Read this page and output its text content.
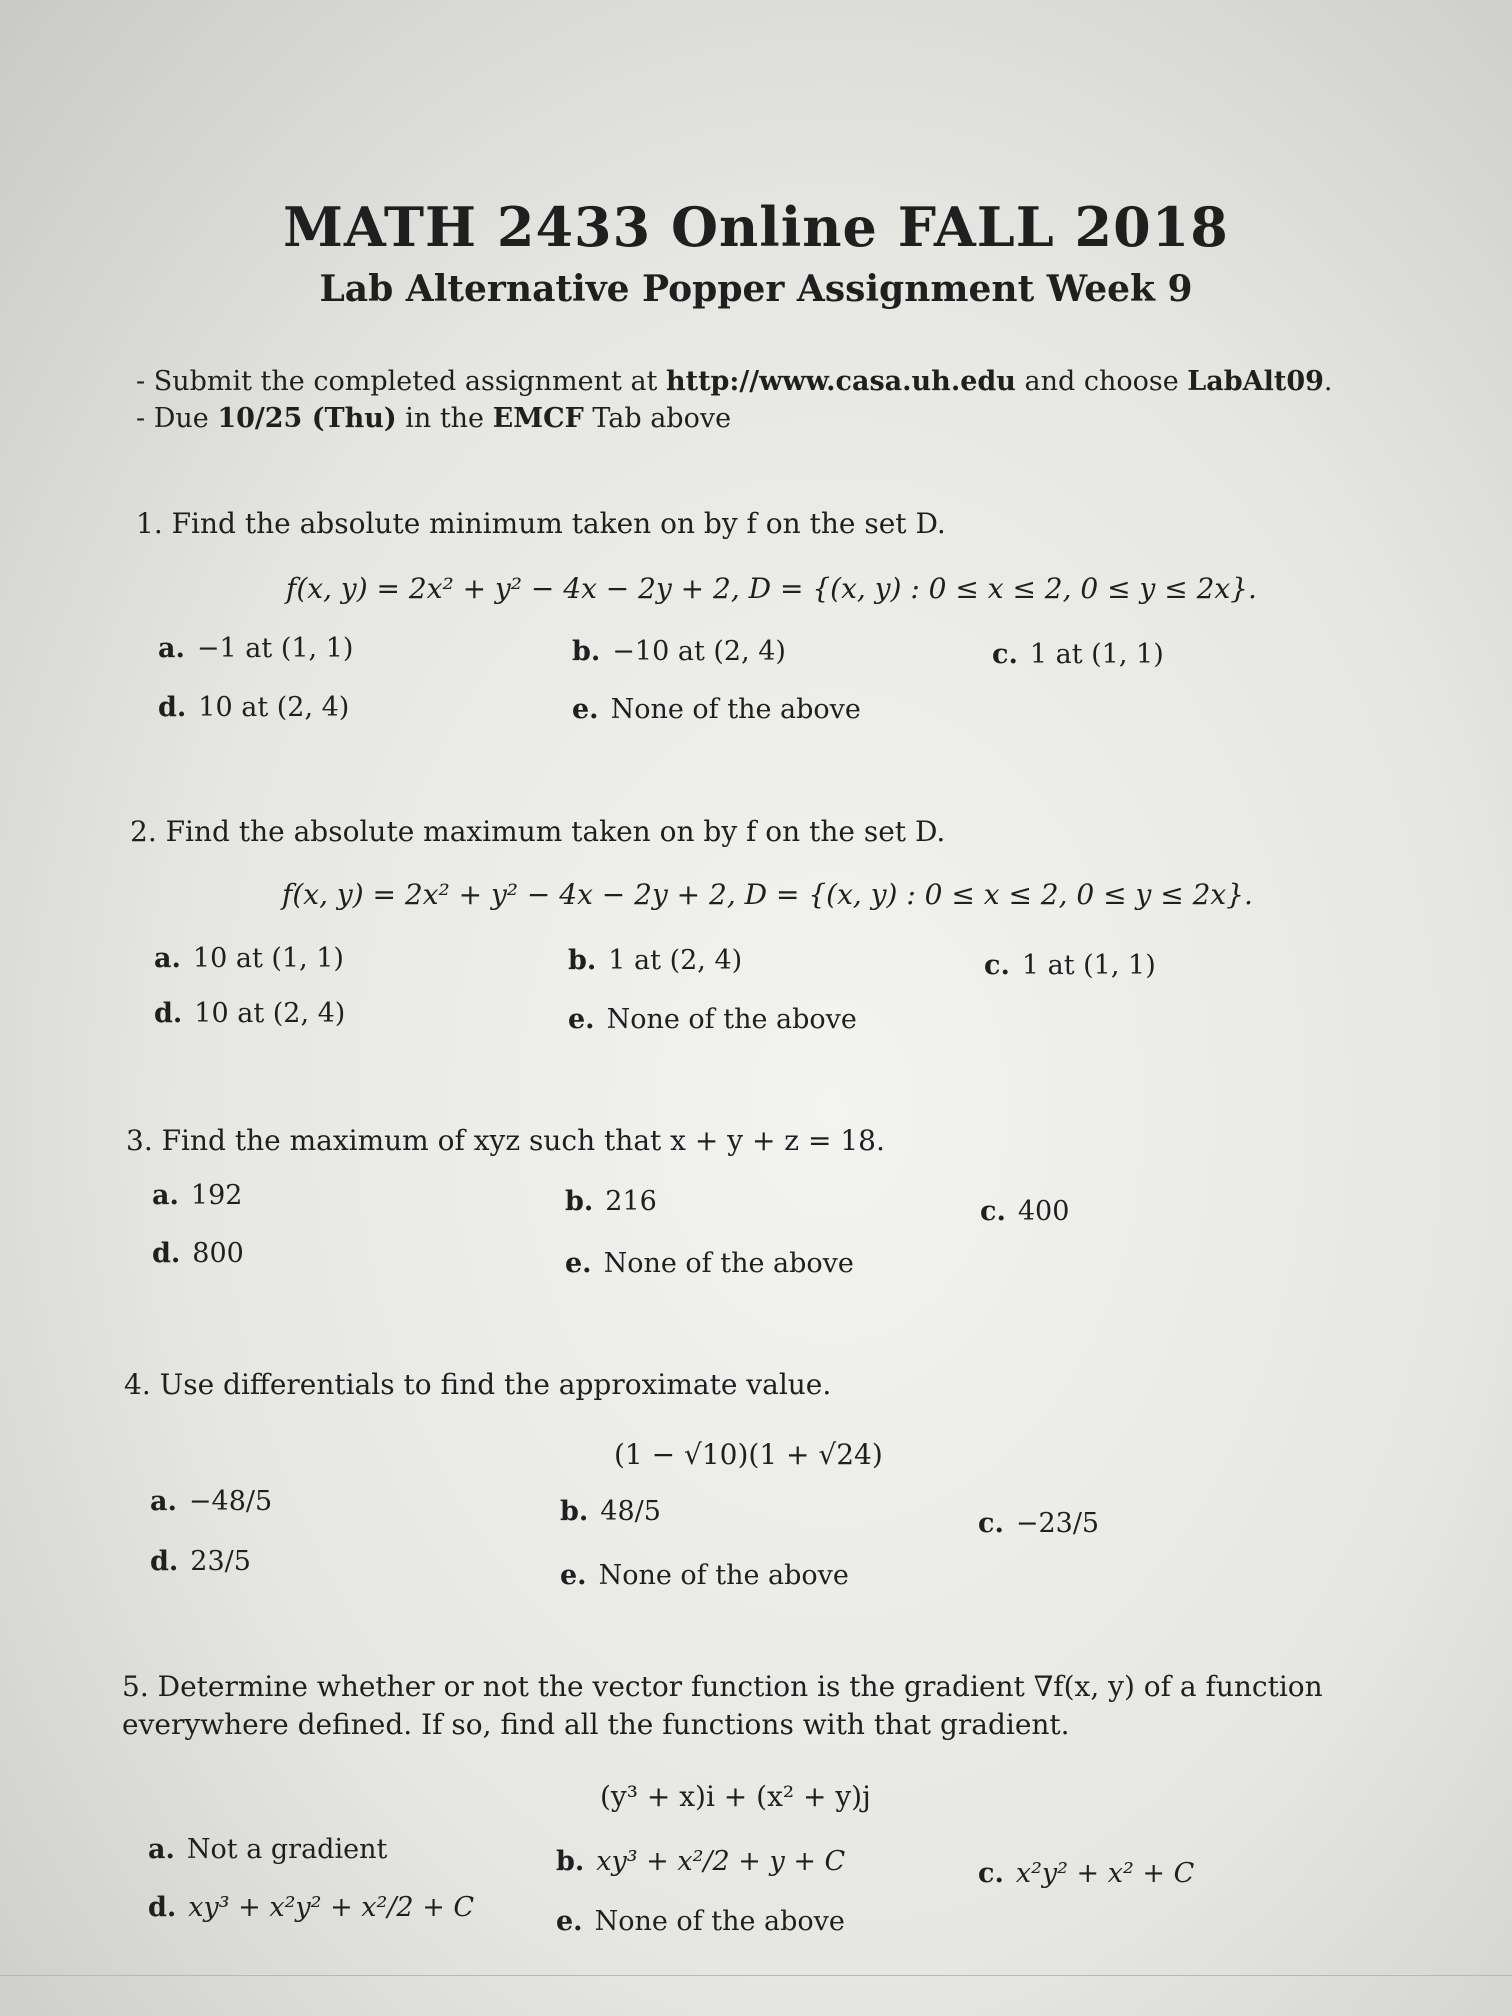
MATH 2433 Online FALL 2018
Lab Alternative Popper Assignment Week 9
- Submit the completed assignment at http://www.casa.uh.edu and choose LabAlt09.
- Due 10/25 (Thu) in the EMCF Tab above
1. Find the absolute minimum taken on by f on the set D.
f(x, y) = 2x² + y² − 4x − 2y + 2, D = {(x, y) : 0 ≤ x ≤ 2, 0 ≤ y ≤ 2x}.
a. −1 at (1, 1)	b. −10 at (2, 4)	c. 1 at (1, 1)
d. 10 at (2, 4)	e. None of the above
2. Find the absolute maximum taken on by f on the set D.
f(x, y) = 2x² + y² − 4x − 2y + 2, D = {(x, y) : 0 ≤ x ≤ 2, 0 ≤ y ≤ 2x}.
a. 10 at (1, 1)	b. 1 at (2, 4)	c. 1 at (1, 1)
d. 10 at (2, 4)	e. None of the above
3. Find the maximum of xyz such that x + y + z = 18.
a. 192	b. 216	c. 400
d. 800	e. None of the above
4. Use differentials to find the approximate value.
(1 − √10)(1 + √24)
a. −48/5	b. 48/5	c. −23/5
d. 23/5	e. None of the above
5. Determine whether or not the vector function is the gradient ∇f(x, y) of a function everywhere defined. If so, find all the functions with that gradient.
(y³ + x)i + (x² + y)j
a. Not a gradient	b. xy³ + x²/2 + y + C	c. x²y² + x² + C
d. xy³ + x²y² + x²/2 + C	e. None of the above
